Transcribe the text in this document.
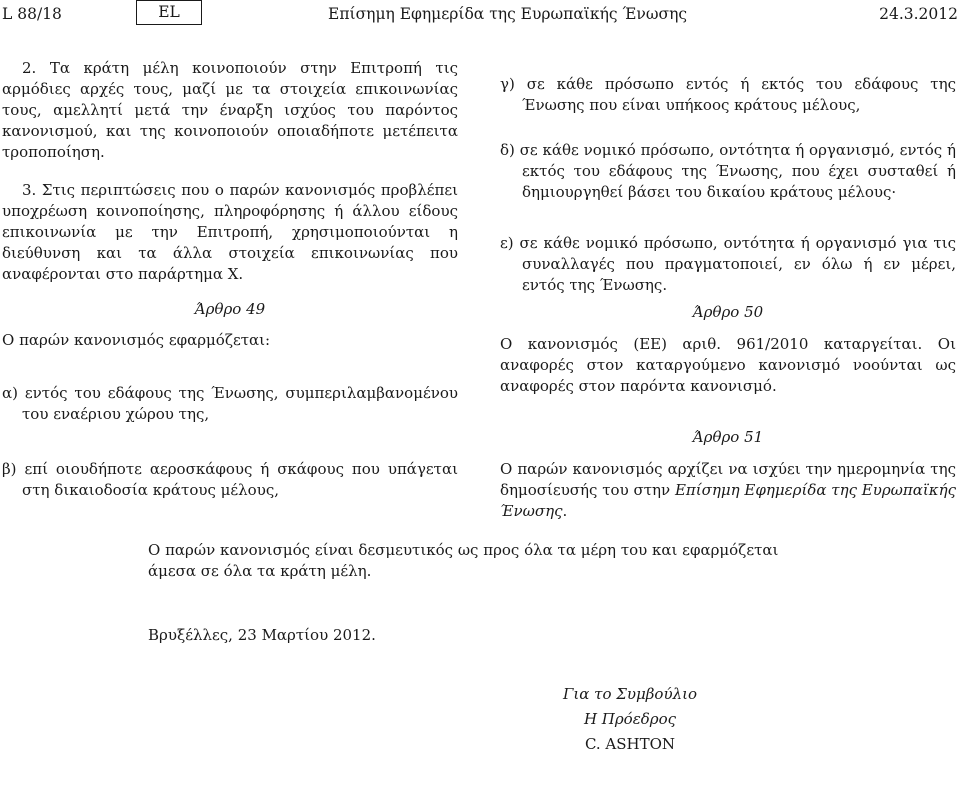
L 88/18	EL	Επίσημη Εφημερίδα της Ευρωπαϊκής Ένωσης	24.3.2012

2. Τα κράτη μέλη κοινοποιούν στην Επιτροπή τις αρμόδιες αρχές τους, μαζί με τα στοιχεία επικοινωνίας τους, αμελλητί μετά την έναρξη ισχύος του παρόντος κανονισμού, και της κοινοποιούν οποιαδήποτε μετέπειτα τροποποίηση.

3. Στις περιπτώσεις που ο παρών κανονισμός προβλέπει υποχρέωση κοινοποίησης, πληροφόρησης ή άλλου είδους επικοινωνία με την Επιτροπή, χρησιμοποιούνται η διεύθυνση και τα άλλα στοιχεία επικοινωνίας που αναφέρονται στο παράρτημα X.

Άρθρο 49

Ο παρών κανονισμός εφαρμόζεται:

α) εντός του εδάφους της Ένωσης, συμπεριλαμβανομένου του εναέριου χώρου της,

β) επί οιουδήποτε αεροσκάφους ή σκάφους που υπάγεται στη δικαιοδοσία κράτους μέλους,

γ) σε κάθε πρόσωπο εντός ή εκτός του εδάφους της Ένωσης που είναι υπήκοος κράτους μέλους,

δ) σε κάθε νομικό πρόσωπο, οντότητα ή οργανισμό, εντός ή εκτός του εδάφους της Ένωσης, που έχει συσταθεί ή δημιουργηθεί βάσει του δικαίου κράτους μέλους·

ε) σε κάθε νομικό πρόσωπο, οντότητα ή οργανισμό για τις συναλλαγές που πραγματοποιεί, εν όλω ή εν μέρει, εντός της Ένωσης.

Άρθρο 50

Ο κανονισμός (ΕΕ) αριθ. 961/2010 καταργείται. Οι αναφορές στον καταργούμενο κανονισμό νοούνται ως αναφορές στον παρόντα κανονισμό.

Άρθρο 51

Ο παρών κανονισμός αρχίζει να ισχύει την ημερομηνία της δημοσίευσής του στην Επίσημη Εφημερίδα της Ευρωπαϊκής Ένωσης.

Ο παρών κανονισμός είναι δεσμευτικός ως προς όλα τα μέρη του και εφαρμόζεται άμεσα σε όλα τα κράτη μέλη.

Βρυξέλλες, 23 Μαρτίου 2012.

Για το Συμβούλιο
Η Πρόεδρος
C. ASHTON
